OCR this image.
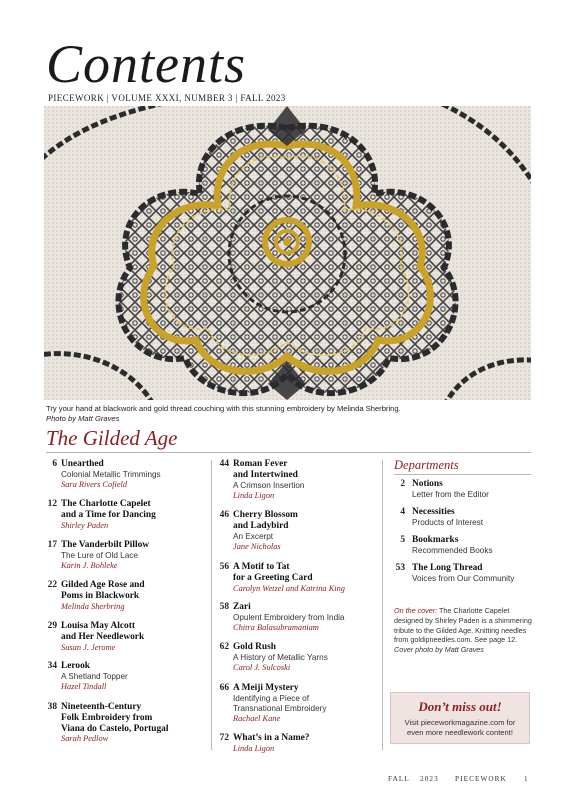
Contents
PIECEWORK | VOLUME XXXI, NUMBER 3 | FALL 2023
Try your hand at blackwork and gold thread couching with this stunning embroidery by Melinda Sherbring.
Photo by Matt Graves
The Gilded Age
6 Unearthed
Colonial Metallic Trimmings
Sara Rivers Cofield
12 The Charlotte Capelet
and a Time for Dancing
Shirley Paden
17 The Vanderbilt Pillow
The Lure of Old Lace
Karin J. Bohleke
22 Gilded Age Rose and
Poms in Blackwork
Melinda Sherbring
29 Louisa May Alcott
and Her Needlework
Susan J. Jerome
34 Lerook
A Shetland Topper
Hazel Tindall
38 Nineteenth-Century
Folk Embroidery from
Viana do Castelo, Portugal
Sarah Pedlow
44 Roman Fever
and Intertwined
A Crimson Insertion
Linda Ligon
46 Cherry Blossom
and Ladybird
An Excerpt
Jane Nicholas
56 A Motif to Tat
for a Greeting Card
Carolyn Wetzel and Katrina King
58 Zari
Opulent Embroidery from India
Chitra Balasubramaniam
62 Gold Rush
A History of Metallic Yarns
Carol J. Sulcoski
66 A Meiji Mystery
Identifying a Piece of
Transnational Embroidery
Rachael Kane
72 What’s in a Name?
Linda Ligon
Departments
2 Notions
Letter from the Editor
4 Necessities
Products of Interest
5 Bookmarks
Recommended Books
53 The Long Thread
Voices from Our Community
On the cover: The Charlotte Capelet designed by Shirley Paden is a shimmering tribute to the Gilded Age. Knitting needles from goldipneedles.com. See page 12.
Cover photo by Matt Graves
Don’t miss out!
Visit pieceworkmagazine.com for
even more needlework content!
FALL 2023 PIECEWORK 1
